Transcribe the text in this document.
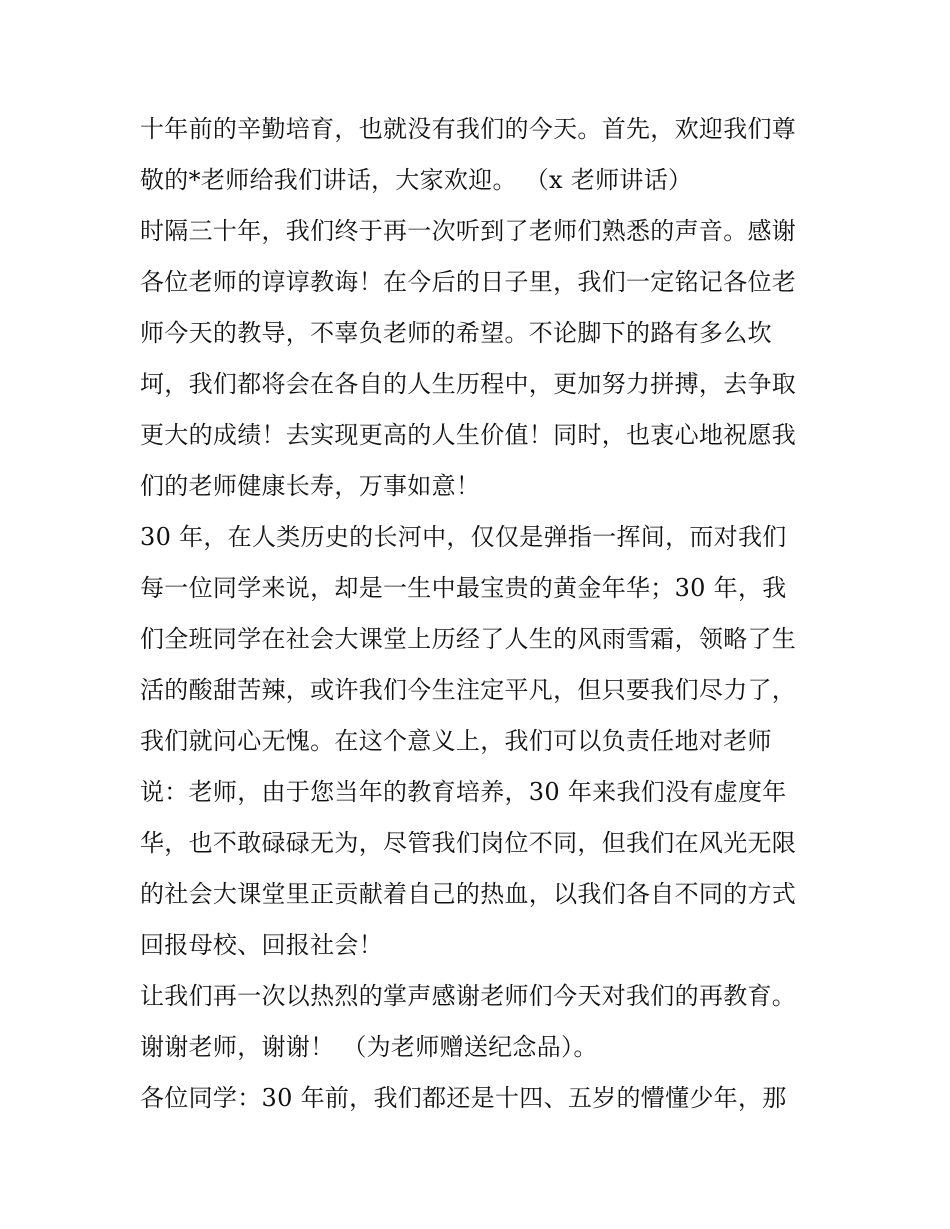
十年前的辛勤培育，也就没有我们的今天。首先，欢迎我们尊
敬的*老师给我们讲话，大家欢迎。 （x 老师讲话）
时隔三十年，我们终于再一次听到了老师们熟悉的声音。感谢
各位老师的谆谆教诲！在今后的日子里，我们一定铭记各位老
师今天的教导，不辜负老师的希望。不论脚下的路有多么坎
坷，我们都将会在各自的人生历程中，更加努力拼搏，去争取
更大的成绩！去实现更高的人生价值！同时，也衷心地祝愿我
们的老师健康长寿，万事如意！
30 年，在人类历史的长河中，仅仅是弹指一挥间，而对我们
每一位同学来说，却是一生中最宝贵的黄金年华；30 年，我
们全班同学在社会大课堂上历经了人生的风雨雪霜，领略了生
活的酸甜苦辣，或许我们今生注定平凡，但只要我们尽力了，
我们就问心无愧。在这个意义上，我们可以负责任地对老师
说：老师，由于您当年的教育培养，30 年来我们没有虚度年
华，也不敢碌碌无为，尽管我们岗位不同，但我们在风光无限
的社会大课堂里正贡献着自己的热血，以我们各自不同的方式
回报母校、回报社会！
让我们再一次以热烈的掌声感谢老师们今天对我们的再教育。
谢谢老师，谢谢！ （为老师赠送纪念品）。
各位同学：30 年前，我们都还是十四、五岁的懵懂少年，那
